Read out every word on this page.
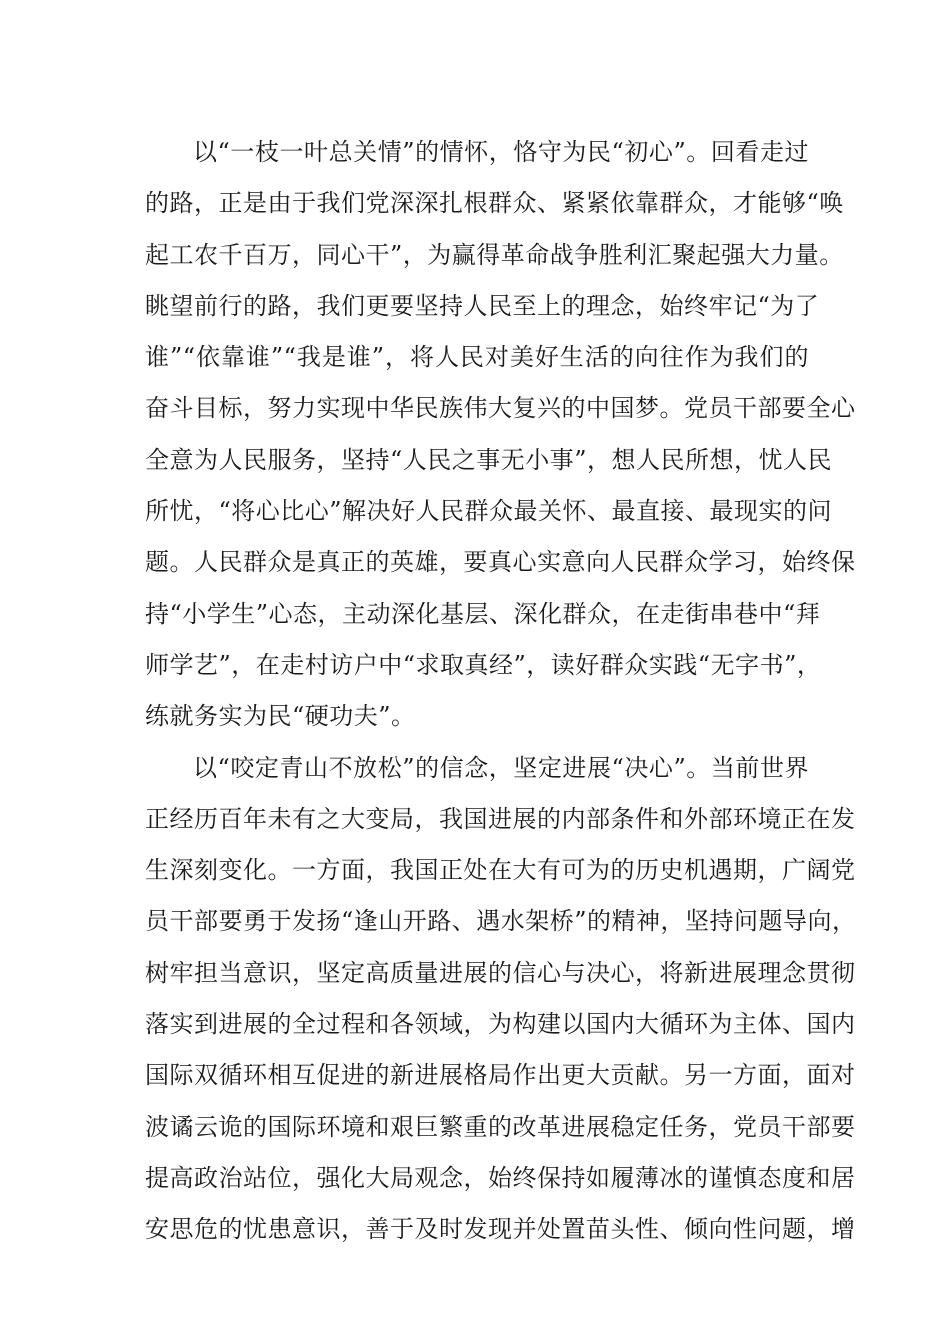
以“一枝一叶总关情”的情怀，恪守为民“初心”。回看走过
的路，正是由于我们党深深扎根群众、紧紧依靠群众，才能够“唤
起工农千百万，同心干”，为赢得革命战争胜利汇聚起强大力量。
眺望前行的路，我们更要坚持人民至上的理念，始终牢记“为了
谁”“依靠谁”“我是谁”，将人民对美好生活的向往作为我们的
奋斗目标，努力实现中华民族伟大复兴的中国梦。党员干部要全心
全意为人民服务，坚持“人民之事无小事”，想人民所想，忧人民
所忧，“将心比心”解决好人民群众最关怀、最直接、最现实的问
题。人民群众是真正的英雄，要真心实意向人民群众学习，始终保
持“小学生”心态，主动深化基层、深化群众，在走街串巷中“拜
师学艺”，在走村访户中“求取真经”，读好群众实践“无字书”，
练就务实为民“硬功夫”。
以“咬定青山不放松”的信念，坚定进展“决心”。当前世界
正经历百年未有之大变局，我国进展的内部条件和外部环境正在发
生深刻变化。一方面，我国正处在大有可为的历史机遇期，广阔党
员干部要勇于发扬“逢山开路、遇水架桥”的精神，坚持问题导向，
树牢担当意识，坚定高质量进展的信心与决心，将新进展理念贯彻
落实到进展的全过程和各领域，为构建以国内大循环为主体、国内
国际双循环相互促进的新进展格局作出更大贡献。另一方面，面对
波谲云诡的国际环境和艰巨繁重的改革进展稳定任务，党员干部要
提高政治站位，强化大局观念，始终保持如履薄冰的谨慎态度和居
安思危的忧患意识，善于及时发现并处置苗头性、倾向性问题，增
